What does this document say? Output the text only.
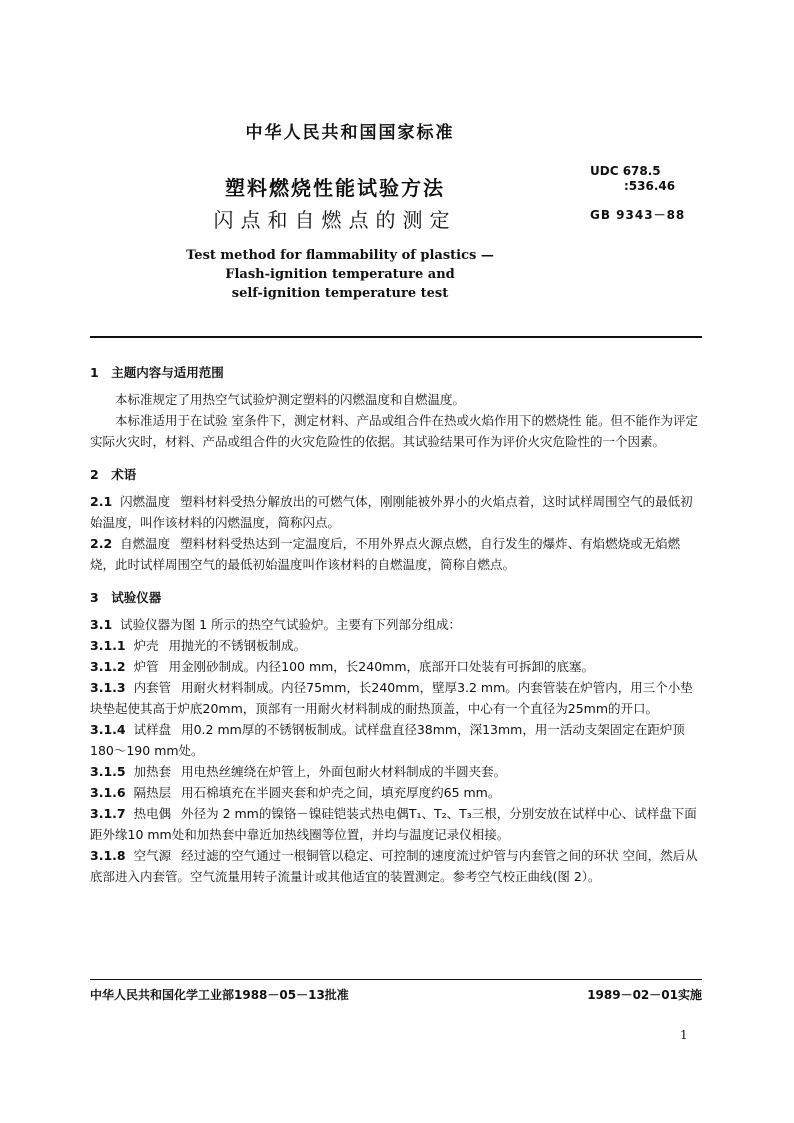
中华人民共和国国家标准
塑料燃烧性能试验方法
闪点和自燃点的测定
UDC 678.5
:536.46
GB 9343－88
Test method for flammability of plastics —
Flash-ignition temperature and
self-ignition temperature test

1　主题内容与适用范围

本标准规定了用热空气试验炉测定塑料的闪燃温度和自燃温度。

本标准适用于在试验 室条件下，测定材料、产品或组合件在热或火焰作用下的燃烧性 能。但不能作为评定实际火灾时，材料、产品或组合件的火灾危险性的依据。其试验结果可作为评价火灾危险性的一个因素。

2　术语

2.1 闪燃温度 塑料材料受热分解放出的可燃气体，刚刚能被外界小的火焰点着，这时试样周围空气的最低初始温度，叫作该材料的闪燃温度，简称闪点。

2.2 自燃温度 塑料材料受热达到一定温度后，不用外界点火源点燃，自行发生的爆炸、有焰燃烧或无焰燃烧，此时试样周围空气的最低初始温度叫作该材料的自燃温度，简称自燃点。

3　试验仪器

3.1 试验仪器为图 1 所示的热空气试验炉。主要有下列部分组成：

3.1.1 炉壳 用抛光的不锈钢板制成。

3.1.2 炉管 用金刚砂制成。内径100 mm，长240mm，底部开口处装有可拆卸的底塞。

3.1.3 内套管 用耐火材料制成。内径75mm，长240mm，壁厚3.2 mm。内套管装在炉管内，用三个小垫块垫起使其高于炉底20mm，顶部有一用耐火材料制成的耐热顶盖，中心有一个直径为25mm的开口。

3.1.4 试样盘 用0.2 mm厚的不锈钢板制成。试样盘直径38mm，深13mm，用一活动支架固定在距炉顶180～190 mm处。

3.1.5 加热套 用电热丝缠绕在炉管上，外面包耐火材料制成的半圆夹套。

3.1.6 隔热层 用石棉填充在半圆夹套和炉壳之间，填充厚度约65 mm。

3.1.7 热电偶 外径为 2 mm的镍铬－镍硅铠装式热电偶T₁、T₂、T₃三根，分别安放在试样中心、试样盘下面距外缘10 mm处和加热套中靠近加热线圈等位置，并均与温度记录仪相接。

3.1.8 空气源 经过滤的空气通过一根铜管以稳定、可控制的速度流过炉管与内套管之间的环状 空间，然后从底部进入内套管。空气流量用转子流量计或其他适宜的装置测定。参考空气校正曲线(图 2）。

中华人民共和国化学工业部1988－05－13批准	1989－02－01实施
1
